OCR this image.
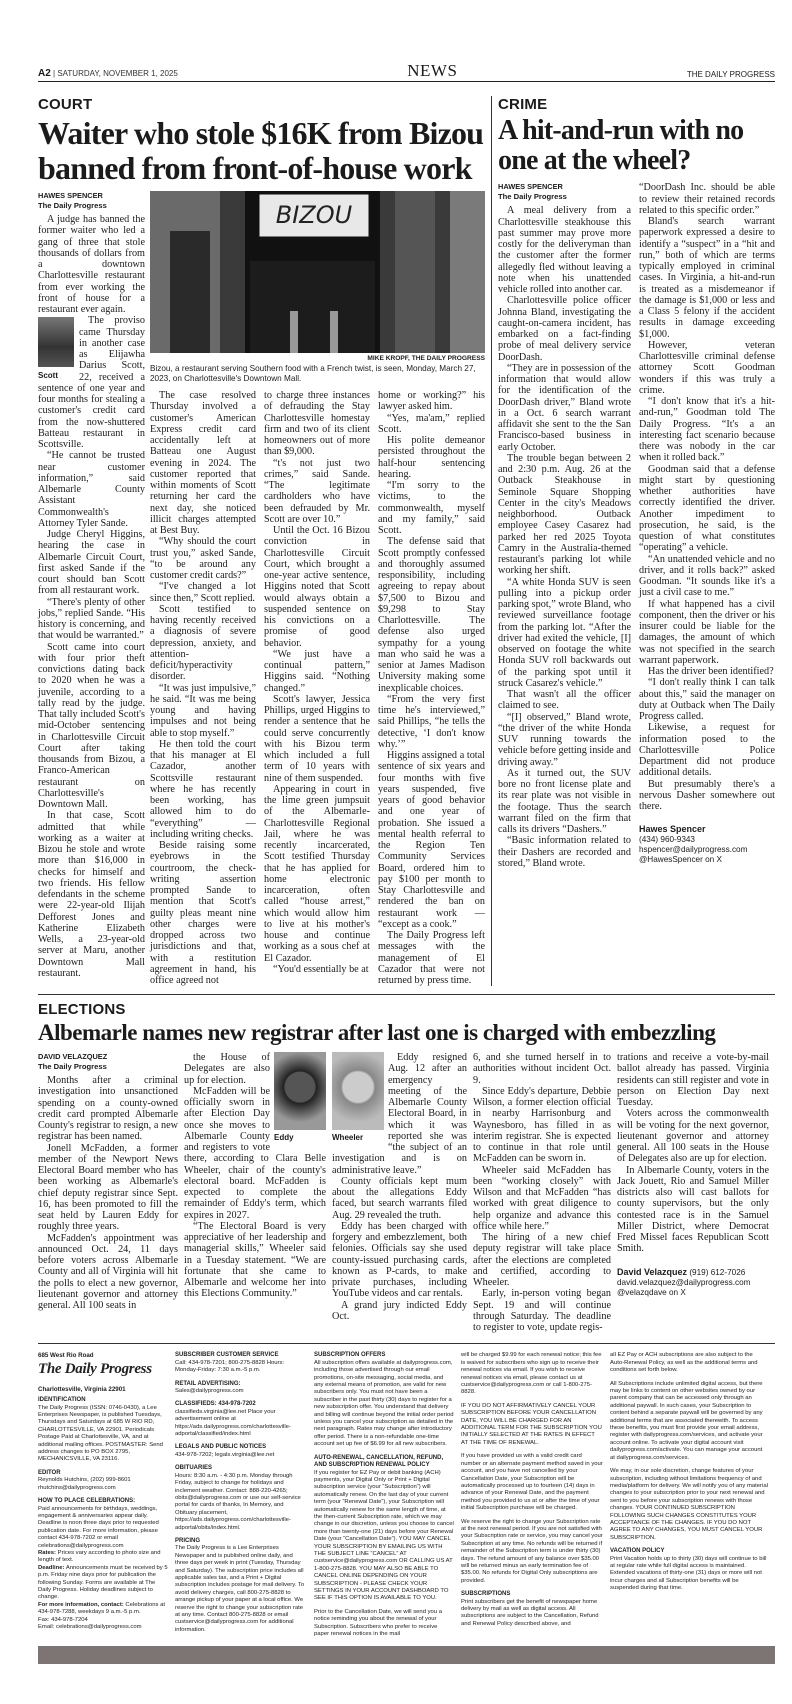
A2 | SATURDAY, NOVEMBER 1, 2025	NEWS	THE DAILY PROGRESS
COURT
Waiter who stole $16K from Bizou banned from front-of-house work
HAWES SPENCER
The Daily Progress

A judge has banned the former waiter who led a gang of three that stole thousands of dollars from a downtown Charlottesville restaurant from ever working the front of house for a restaurant ever again.

Scott

The proviso came Thursday in another case as Elijawha Darius Scott, 22, received a sentence of one year and four months for stealing a customer's credit card from the now-shuttered Batteau restaurant in Scottsville.

“He cannot be trusted near customer information,” said Albemarle County Assistant Commonwealth's Attorney Tyler Sande.

Judge Cheryl Higgins, hearing the case in Albemarle Circuit Court, first asked Sande if the court should ban Scott from all restaurant work.

“There's plenty of other jobs,” replied Sande. “His history is concerning, and that would be warranted.”

Scott came into court with four prior theft convictions dating back to 2020 when he was a juvenile, according to a tally read by the judge. That tally included Scott's mid-October sentencing in Charlottesville Circuit Court after taking thousands from Bizou, a Franco-American restaurant on Charlottesville's Downtown Mall.

In that case, Scott admitted that while working as a waiter at Bizou he stole and wrote more than $16,000 in checks for himself and two friends. His fellow defendants in the scheme were 22-year-old Ilijah Defforest Jones and Katherine Elizabeth Wells, a 23-year-old server at Maru, another Downtown Mall restaurant.

BIZOU
MIKE KROPF, THE DAILY PROGRESS
Bizou, a restaurant serving Southern food with a French twist, is seen, Monday, March 27, 2023, on Charlottesville's Downtown Mall.

The case resolved Thursday involved a customer's American Express credit card accidentally left at Batteau one August evening in 2024. The customer reported that within moments of Scott returning her card the next day, she noticed illicit charges attempted at Best Buy.

“Why should the court trust you,” asked Sande, “to be around any customer credit cards?”

“I've changed a lot since then,” Scott replied.

Scott testified to having recently received a diagnosis of severe depression, anxiety, and attention-deficit/hyperactivity disorder.

“It was just impulsive,” he said. “It was me being young and having impulses and not being able to stop myself.”

He then told the court that his manager at El Cazador, another Scottsville restaurant where he has recently been working, has allowed him to do “everything” — including writing checks.

Beside raising some eyebrows in the courtroom, the check-writing assertion prompted Sande to mention that Scott's guilty pleas meant nine other charges were dropped across two jurisdictions and that, with a restitution agreement in hand, his office agreed not

to charge three instances of defrauding the Stay Charlottesville homestay firm and two of its client homeowners out of more than $9,000.

“t's not just two crimes,” said Sande. “The legitimate cardholders who have been defrauded by Mr. Scott are over 10.”

Until the Oct. 16 Bizou conviction in Charlottesville Circuit Court, which brought a one-year active sentence, Higgins noted that Scott would always obtain a suspended sentence on his convictions on a promise of good behavior.

“We just have a continual pattern,” Higgins said. “Nothing changed.”

Scott's lawyer, Jessica Phillips, urged Higgins to render a sentence that he could serve concurrently with his Bizou term which included a full term of 10 years with nine of them suspended.

Appearing in court in the lime green jumpsuit of the Albemarle-Charlottesville Regional Jail, where he was recently incarcerated, Scott testified Thursday that he has applied for home electronic incarceration, often called “house arrest,” which would allow him to live at his mother's house and continue working as a sous chef at El Cazador.

“You'd essentially be at

home or working?” his lawyer asked him.

“Yes, ma'am,” replied Scott.

His polite demeanor persisted throughout the half-hour sentencing hearing.

“I'm sorry to the victims, to the commonwealth, myself and my family,” said Scott.

The defense said that Scott promptly confessed and thoroughly assumed responsibility, including agreeing to repay about $7,500 to Bizou and $9,298 to Stay Charlottesville. The defense also urged sympathy for a young man who said he was a senior at James Madison University making some inexplicable choices.

“From the very first time he's interviewed,” said Phillips, “he tells the detective, ‘I don't know why.’”

Higgins assigned a total sentence of six years and four months with five years suspended, five years of good behavior and one year of probation. She issued a mental health referral to the Region Ten Community Services Board, ordered him to pay $100 per month to Stay Charlottesville and rendered the ban on restaurant work — “except as a cook.”

The Daily Progress left messages with the management of El Cazador that were not returned by press time.

CRIME
A hit-and-run with no one at the wheel?
HAWES SPENCER
The Daily Progress

A meal delivery from a Charlottesville steakhouse this past summer may prove more costly for the deliveryman than the customer after the former allegedly fled without leaving a note when his unattended vehicle rolled into another car.

Charlottesville police officer Johnna Bland, investigating the caught-on-camera incident, has embarked on a fact-finding probe of meal delivery service DoorDash.

“They are in possession of the information that would allow for the identification of the DoorDash driver,” Bland wrote in a Oct. 6 search warrant affidavit she sent to the the San Francisco-based business in early October.

The trouble began between 2 and 2:30 p.m. Aug. 26 at the Outback Steakhouse in Seminole Square Shopping Center in the city's Meadows neighborhood. Outback employee Casey Casarez had parked her red 2025 Toyota Camry in the Australia-themed restaurant's parking lot while working her shift.

“A white Honda SUV is seen pulling into a pickup order parking spot,” wrote Bland, who reviewed surveillance footage from the parking lot. “After the driver had exited the vehicle, [I] observed on footage the white Honda SUV roll backwards out of the parking spot until it struck Casarez's vehicle.”

That wasn't all the officer claimed to see.

“[I] observed,” Bland wrote, “the driver of the white Honda SUV running towards the vehicle before getting inside and driving away.”

As it turned out, the SUV bore no front license plate and its rear plate was not visible in the footage. Thus the search warrant filed on the firm that calls its drivers “Dashers.”

“Basic information related to their Dashers are recorded and stored,” Bland wrote.

“DoorDash Inc. should be able to review their retained records related to this specific order.”

Bland's search warrant paperwork expressed a desire to identify a “suspect” in a “hit and run,” both of which are terms typically employed in criminal cases. In Virginia, a hit-and-run is treated as a misdemeanor if the damage is $1,000 or less and a Class 5 felony if the accident results in damage exceeding $1,000.

However, veteran Charlottesville criminal defense attorney Scott Goodman wonders if this was truly a crime.

“I don't know that it's a hit-and-run,” Goodman told The Daily Progress. “It's a an interesting fact scenario because there was nobody in the car when it rolled back.”

Goodman said that a defense might start by questioning whether authorities have correctly identified the driver. Another impediment to prosecution, he said, is the question of what constitutes “operating” a vehicle.

“An unattended vehicle and no driver, and it rolls back?” asked Goodman. “It sounds like it's a just a civil case to me.”

If what happened has a civil component, then the driver or his insurer could be liable for the damages, the amount of which was not specified in the search warrant paperwork.

Has the driver been identified?

“I don't really think I can talk about this,” said the manager on duty at Outback when The Daily Progress called.

Likewise, a request for information posed to the Charlottesville Police Department did not produce additional details.

But presumably there's a nervous Dasher somewhere out there.

Hawes Spencer
(434) 960-9343
hspencer@dailyprogress.com
@HawesSpencer on X

ELECTIONS
Albemarle names new registrar after last one is charged with embezzling
DAVID VELAZQUEZ
The Daily Progress

Months after a criminal investigation into unsanctioned spending on a county-owned credit card prompted Albemarle County's registrar to resign, a new registrar has been named.

Jonell McFadden, a former member of the Newport News Electoral Board member who has been working as Albemarle's chief deputy registrar since Sept. 16, has been promoted to fill the seat held by Lauren Eddy for roughly three years.

McFadden's appointment was announced Oct. 24, 11 days before voters across Albemarle County and all of Virginia will hit the polls to elect a new governor, lieutenant governor and attorney general. All 100 seats in

Eddy

the House of Delegates are also up for election.

McFadden will be officially sworn in after Election Day once she moves to Albemarle County and registers to vote there, according to Clara Belle Wheeler, chair of the county's electoral board. McFadden is expected to complete the remainder of Eddy's term, which expires in 2027.

“The Electoral Board is very appreciative of her leadership and managerial skills,” Wheeler said in a Tuesday statement. “We are fortunate that she came to Albemarle and welcome her into this Elections Community.”

Wheeler

Eddy resigned Aug. 12 after an emergency meeting of the Albemarle County Electoral Board, in which it was reported she was “the subject of an investigation and is on administrative leave.”

County officials kept mum about the allegations Eddy faced, but search warrants filed Aug. 29 revealed the truth.

Eddy has been charged with forgery and embezzlement, both felonies. Officials say she used county-issued purchasing cards, known as P-cards, to make private purchases, including YouTube videos and car rentals.

A grand jury indicted Eddy Oct.

6, and she turned herself in to authorities without incident Oct. 9.

Since Eddy's departure, Debbie Wilson, a former election official in nearby Harrisonburg and Waynesboro, has filled in as interim registrar. She is expected to continue in that role until McFadden can be sworn in.

Wheeler said McFadden has been “working closely” with Wilson and that McFadden “has worked with great diligence to help organize and advance this office while here.”

The hiring of a new chief deputy registrar will take place after the elections are completed and certified, according to Wheeler.

Early, in-person voting began Sept. 19 and will continue through Saturday. The deadline to register to vote, update regis-

trations and receive a vote-by-mail ballot already has passed. Virginia residents can still register and vote in person on Election Day next Tuesday.

Voters across the commonwealth will be voting for the next governor, lieutenant governor and attorney general. All 100 seats in the House of Delegates also are up for election.

In Albemarle County, voters in the Jack Jouett, Rio and Samuel Miller districts also will cast ballots for county supervisors, but the only contested race is in the Samuel Miller District, where Democrat Fred Missel faces Republican Scott Smith.

David Velazquez (919) 612-7026
david.velazquez@dailyprogress.com
@velazqdave on X

685 West Rio Road
The Daily Progress
Charlottesville, Virginia 22901
IDENTIFICATION

The Daily Progress (ISSN: 0746-0430), a Lee Enterprises Newspaper, is published Tuesdays, Thursdays and Saturdays at 685 W RIO RD, CHARLOTTESVILLE, VA 22901. Periodicals Postage Paid at Charlottesville, VA, and at additional mailing offices. POSTMASTER: Send address changes to PO BOX 2795, MECHANICSVILLE, VA 23116.

EDITOR

Reynolds Hutchins, (202) 999-8601 rhutchins@dailyprogress.com

HOW TO PLACE CELEBRATIONS:

Paid announcements for birthdays, weddings, engagement & anniversaries appear daily. Deadline is noon three days prior to requested publication date. For more information, please contact 434-978-7202 or email celebrations@dailyprogress.com

Rates: Prices vary according to photo size and length of text.

Deadline: Announcements must be received by 5 p.m. Friday nine days prior for publication the following Sunday. Forms are available at The Daily Progress. Holiday deadlines subject to change.

For more information, contact: Celebrations at 434-978-7288, weekdays 9 a.m.-5 p.m.

Fax: 434-978-7204

Email: celebrations@dailyprogress.com

SUBSCRIBER CUSTOMER SERVICE

Call: 434-978-7201; 800-275-8828 Hours: Monday-Friday: 7:30 a.m.-5 p.m.

RETAIL ADVERTISING:

Sales@dailyprogress.com

CLASSIFIEDS: 434-978-7202

classifieds.virginia@lee.net Place your advertisement online at https://ads.dailyprogress.com/charlottesville-adportal/classified/index.html

LEGALS AND PUBLIC NOTICES

434-978-7202; legals.virginia@lee.net

OBITUARIES

Hours: 8:30 a.m. - 4:30 p.m. Monday through Friday, subject to change for holidays and inclement weather. Contact: 888-220-4265; obits@dailyprogress.com or use our self-service portal for cards of thanks, In Memory, and Obituary placement, https://ads.dailyprogress.com/charlottesville-adportal/obits/index.html.

PRICING

The Daily Progress is a Lee Enterprises Newspaper and is published online daily, and three days per week in print (Tuesday, Thursday and Saturday). The subscription price includes all applicable sales tax, and a Print + Digital subscription includes postage for mail delivery. To avoid delivery charges, call 800-275-8828 to arrange pickup of your paper at a local office. We reserve the right to change your subscription rate at any time. Contact 800-275-8828 or email custservice@dailyprogress.com for additional information.

SUBSCRIPTION OFFERS

All subscription offers available at dailyprogress.com, including those advertised through our email promotions, on-site messaging, social media, and any external means of promotion, are valid for new subscribers only. You must not have been a subscriber in the past thirty (30) days to register for a new subscription offer. You understand that delivery and billing will continue beyond the initial order period unless you cancel your subscription as detailed in the next paragraph. Rates may change after introductory offer period. There is a non-refundable one-time account set up fee of $6.99 for all new subscribers.

AUTO-RENEWAL, CANCELLATION, REFUND, AND SUBSCRIPTION RENEWAL POLICY

If you register for EZ Pay or debit banking (ACH) payments, your Digital Only or Print + Digital subscription service (your “Subscription”) will automatically renew. On the last day of your current term (your “Renewal Date”), your Subscription will automatically renew for the same length of time, at the then-current Subscription rate, which we may change in our discretion, unless you choose to cancel more than twenty-one (21) days before your Renewal Date (your “Cancellation Date”). YOU MAY CANCEL YOUR SUBSCRIPTION BY EMAILING US WITH THE SUBJECT LINE “CANCEL” AT custservice@dailyprogress.com OR CALLING US AT 1-800-275-8828. YOU MAY ALSO BE ABLE TO CANCEL ONLINE DEPENDING ON YOUR SUBSCRIPTION - PLEASE CHECK YOUR SETTINGS IN YOUR ACCOUNT DASHBOARD TO SEE IF THIS OPTION IS AVAILABLE TO YOU.

Prior to the Cancellation Date, we will send you a notice reminding you about the renewal of your Subscription. Subscribers who prefer to receive paper renewal notices in the mail

will be charged $9.99 for each renewal notice; this fee is waived for subscribers who sign up to receive their renewal notices via email. If you wish to receive renewal notices via email, please contact us at custservice@dailyprogress.com or call 1-800-275-8828.

IF YOU DO NOT AFFIRMATIVELY CANCEL YOUR SUBSCRIPTION BEFORE YOUR CANCELLATION DATE, YOU WILL BE CHARGED FOR AN ADDITIONAL TERM FOR THE SUBSCRIPTION YOU INITIALLY SELECTED AT THE RATES IN EFFECT AT THE TIME OF RENEWAL.

If you have provided us with a valid credit card number or an alternate payment method saved in your account, and you have not cancelled by your Cancellation Date, your Subscription will be automatically processed up to fourteen (14) days in advance of your Renewal Date, and the payment method you provided to us at or after the time of your initial Subscription purchase will be charged.

We reserve the right to change your Subscription rate at the next renewal period. If you are not satisfied with your Subscription rate or service, you may cancel your Subscription at any time. No refunds will be returned if remainder of the Subscription term is under thirty (30) days. The refund amount of any balance over $35.00 will be returned minus an early termination fee of $35.00. No refunds for Digital Only subscriptions are provided.

SUBSCRIPTIONS

Print subscribers get the benefit of newspaper home delivery by mail as well as digital access. All subscriptions are subject to the Cancellation, Refund and Renewal Policy described above, and

all EZ Pay or ACH subscriptions are also subject to the Auto-Renewal Policy, as well as the additional terms and conditions set forth below.

All Subscriptions include unlimited digital access, but there may be links to content on other websites owned by our parent company that can be accessed only through an additional paywall. In such cases, your Subscription to content behind a separate paywall will be governed by any additional terms that are associated therewith. To access these benefits, you must first provide your email address, register with dailyprogress.com/services, and activate your account online. To activate your digital account visit dailyprogress.com/activate. You can manage your account at dailyprogress.com/services.

We may, in our sole discretion, change features of your subscription, including without limitations frequency of and media/platform for delivery. We will notify you of any material changes to your subscription prior to your next renewal and sent to you before your subscription renews with those changes. YOUR CONTINUED SUBSCRIPTION FOLLOWING SUCH CHANGES CONSTITUTES YOUR ACCEPTANCE OF THE CHANGES. IF YOU DO NOT AGREE TO ANY CHANGES, YOU MUST CANCEL YOUR SUBSCRIPTION.

VACATION POLICY

Print Vacation holds up to thirty (30) days will continue to bill at regular rate while full digital access is maintained. Extended vacations of thirty-one (31) days or more will not incur charges and all Subscription benefits will be suspended during that time.
